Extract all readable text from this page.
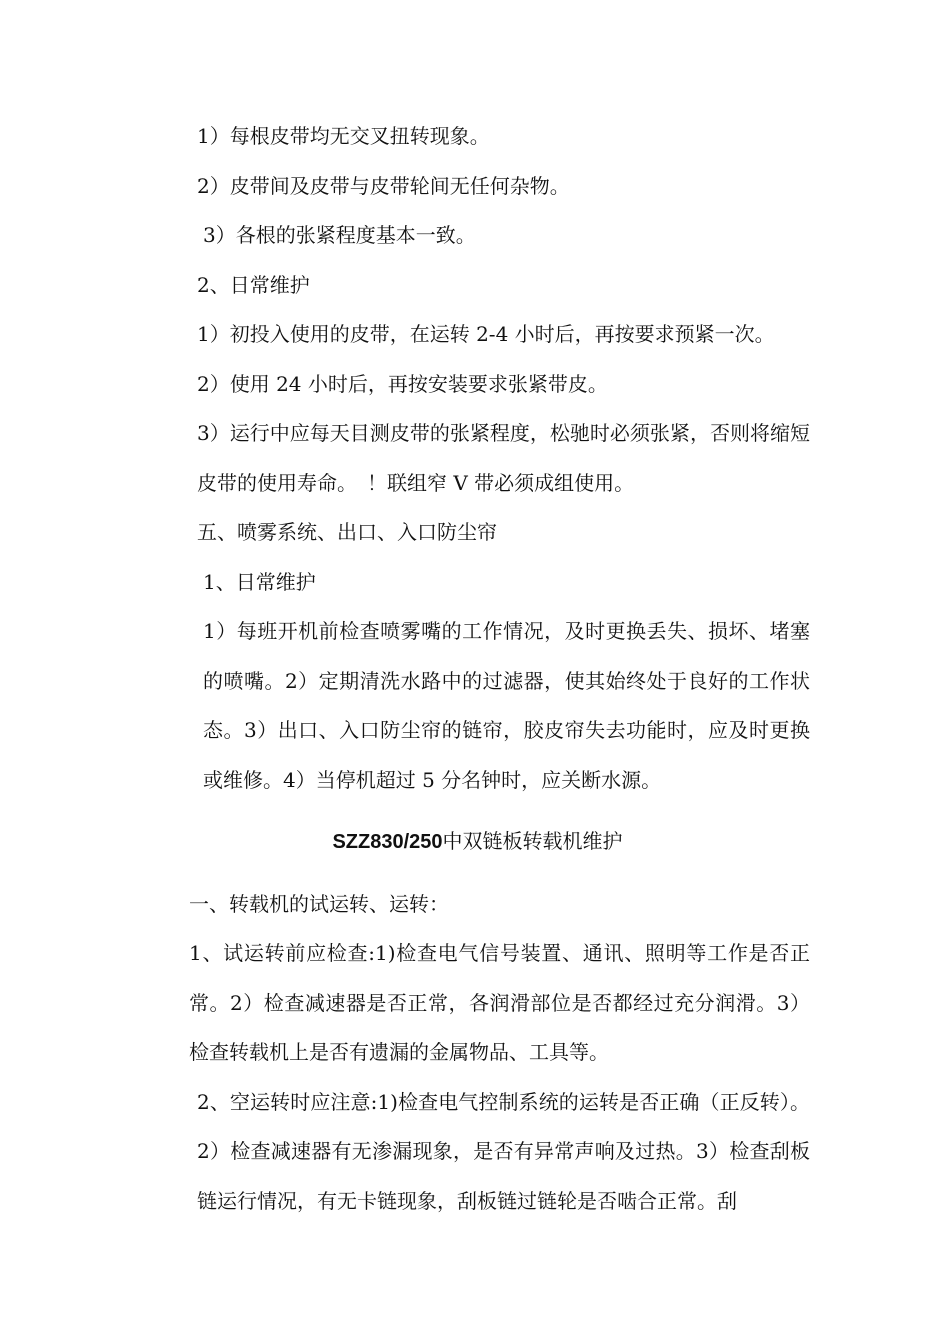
1）每根皮带均无交叉扭转现象。

2）皮带间及皮带与皮带轮间无任何杂物。

3）各根的张紧程度基本一致。

2、日常维护

1）初投入使用的皮带，在运转 2-4 小时后，再按要求预紧一次。

2）使用 24 小时后，再按安装要求张紧带皮。

3）运行中应每天目测皮带的张紧程度，松驰时必须张紧，否则将缩短皮带的使用寿命。　！联组窄 V 带必须成组使用。

五、喷雾系统、出口、入口防尘帘

1、日常维护

1）每班开机前检查喷雾嘴的工作情况，及时更换丢失、损坏、堵塞的喷嘴。2）定期清洗水路中的过滤器，使其始终处于良好的工作状态。3）出口、入口防尘帘的链帘，胶皮帘失去功能时，应及时更换或维修。4）当停机超过 5 分名钟时，应关断水源。

SZZ830/250中双链板转载机维护

一、转载机的试运转、运转：

1、试运转前应检查:1)检查电气信号装置、通讯、照明等工作是否正常。2）检查减速器是否正常，各润滑部位是否都经过充分润滑。3）检查转载机上是否有遗漏的金属物品、工具等。

2、空运转时应注意:1)检查电气控制系统的运转是否正确（正反转）。2）检查减速器有无渗漏现象，是否有异常声响及过热。3）检查刮板链运行情况，有无卡链现象，刮板链过链轮是否啮合正常。刮
